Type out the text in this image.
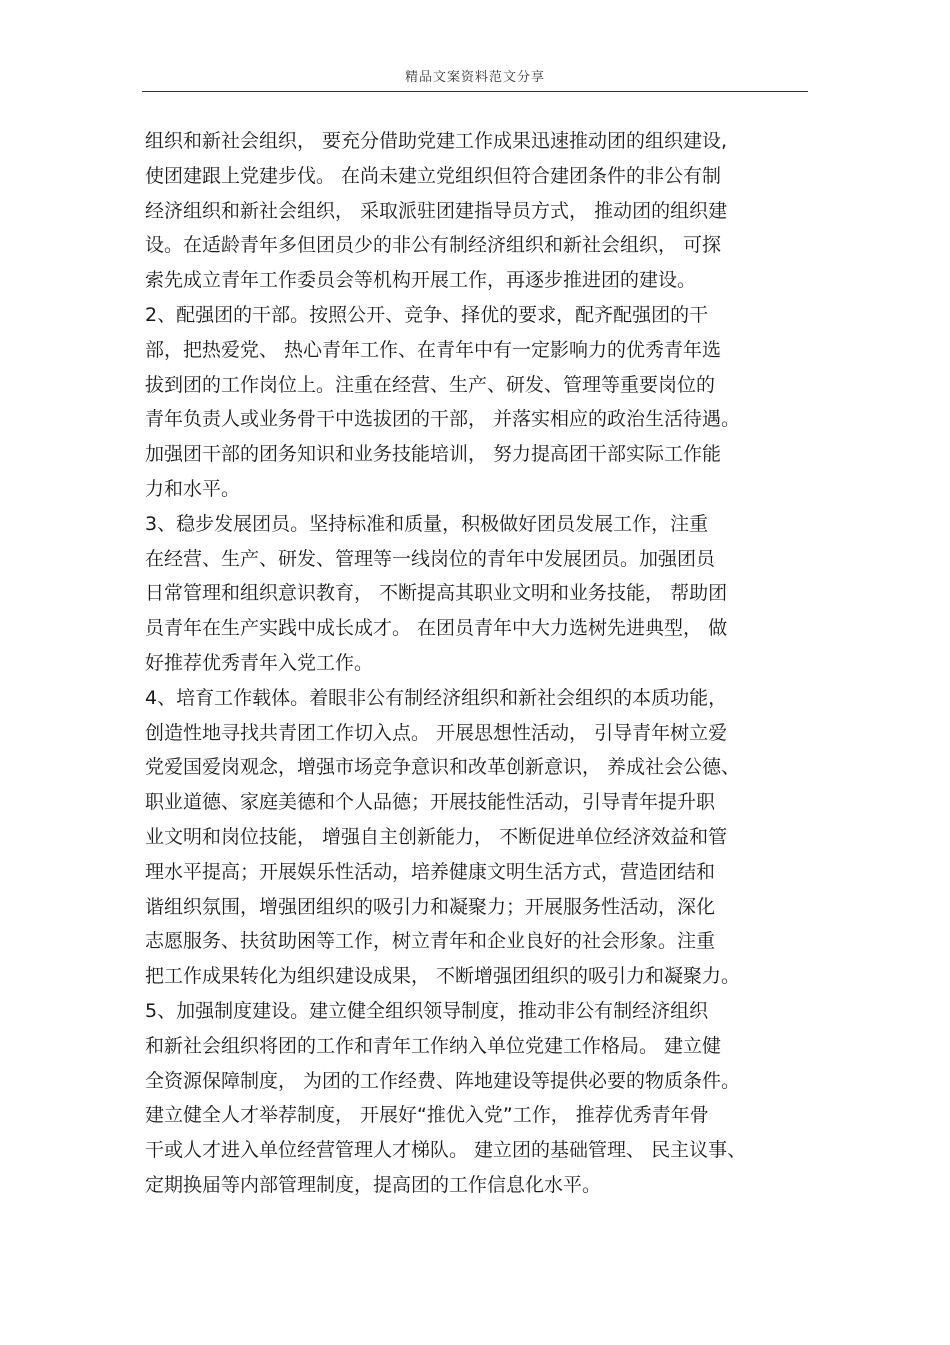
精品文案资料范文分享
组织和新社会组织， 要充分借助党建工作成果迅速推动团的组织建设,
使团建跟上党建步伐。 在尚未建立党组织但符合建团条件的非公有制
经济组织和新社会组织， 采取派驻团建指导员方式， 推动团的组织建
设。在适龄青年多但团员少的非公有制经济组织和新社会组织， 可探
索先成立青年工作委员会等机构开展工作，再逐步推进团的建设。
2、配强团的干部。按照公开、竞争、择优的要求，配齐配强团的干
部，把热爱党、 热心青年工作、在青年中有一定影响力的优秀青年选
拔到团的工作岗位上。注重在经营、生产、研发、管理等重要岗位的
青年负责人或业务骨干中选拔团的干部， 并落实相应的政治生活待遇。
加强团干部的团务知识和业务技能培训， 努力提高团干部实际工作能
力和水平。
3、稳步发展团员。坚持标准和质量，积极做好团员发展工作，注重
在经营、生产、研发、管理等一线岗位的青年中发展团员。加强团员
日常管理和组织意识教育， 不断提高其职业文明和业务技能， 帮助团
员青年在生产实践中成长成才。 在团员青年中大力选树先进典型， 做
好推荐优秀青年入党工作。
4、培育工作载体。着眼非公有制经济组织和新社会组织的本质功能，
创造性地寻找共青团工作切入点。 开展思想性活动， 引导青年树立爱
党爱国爱岗观念，增强市场竞争意识和改革创新意识， 养成社会公德、
职业道德、家庭美德和个人品德；开展技能性活动，引导青年提升职
业文明和岗位技能， 增强自主创新能力， 不断促进单位经济效益和管
理水平提高；开展娱乐性活动，培养健康文明生活方式，营造团结和
谐组织氛围，增强团组织的吸引力和凝聚力；开展服务性活动，深化
志愿服务、扶贫助困等工作，树立青年和企业良好的社会形象。注重
把工作成果转化为组织建设成果， 不断增强团组织的吸引力和凝聚力。
5、加强制度建设。建立健全组织领导制度，推动非公有制经济组织
和新社会组织将团的工作和青年工作纳入单位党建工作格局。 建立健
全资源保障制度， 为团的工作经费、阵地建设等提供必要的物质条件。
建立健全人才举荐制度， 开展好“推优入党”工作， 推荐优秀青年骨
干或人才进入单位经营管理人才梯队。 建立团的基础管理、 民主议事、
定期换届等内部管理制度，提高团的工作信息化水平。
